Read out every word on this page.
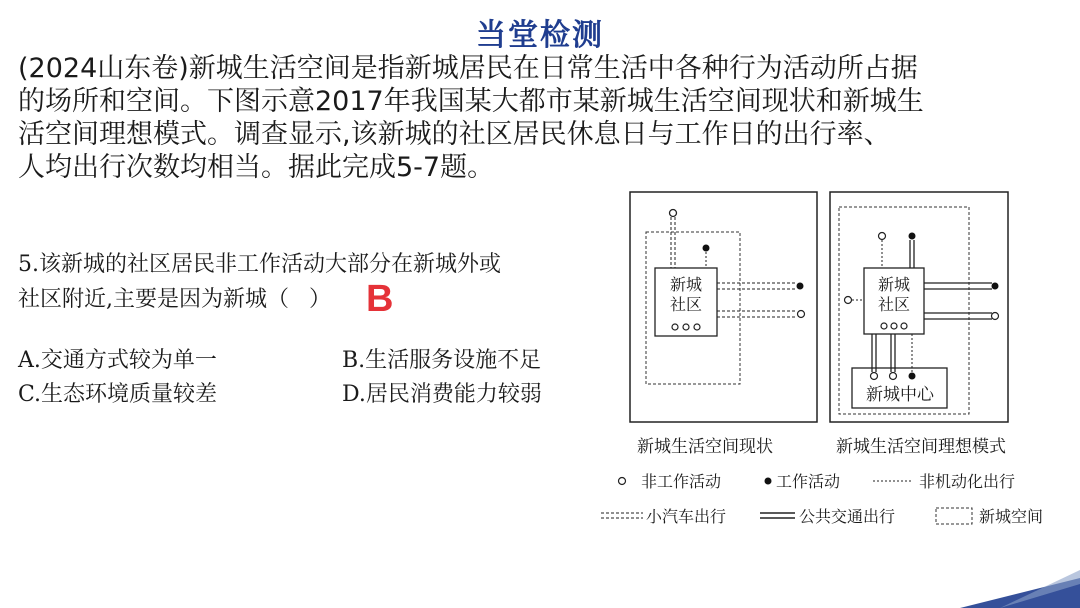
当堂检测

(2024山东卷)新城生活空间是指新城居民在日常生活中各种行为活动所占据

的场所和空间。下图示意2017年我国某大都市某新城生活空间现状和新城生

活空间理想模式。调查显示,该新城的社区居民休息日与工作日的出行率、

人均出行次数均相当。据此完成5-7题。

5.该新城的社区居民非工作活动大部分在新城外或
社区附近,主要是因为新城（ ） B
A.交通方式较为单一	B.生活服务设施不足
C.生态环境质量较差	D.居民消费能力较弱
新城
社区
新城
社区
新城中心
新城生活空间现状	新城生活空间理想模式
非工作活动	工作活动	非机动化出行
小汽车出行	公共交通出行	新城空间
